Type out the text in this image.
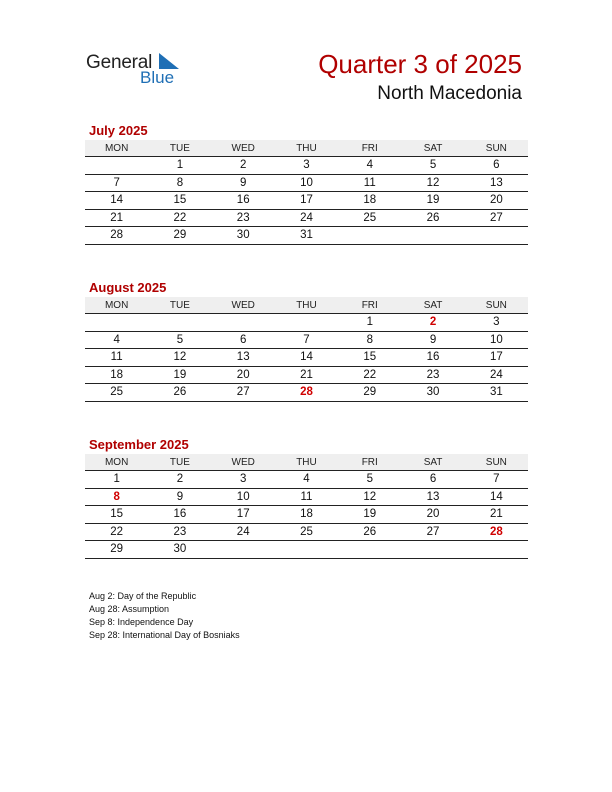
General
Blue	Quarter 3 of 2025
North Macedonia
July 2025
MON	TUE	WED	THU	FRI	SAT	SUN
	1	2	3	4	5	6
7	8	9	10	11	12	13
14	15	16	17	18	19	20
21	22	23	24	25	26	27
28	29	30	31			
August 2025
MON	TUE	WED	THU	FRI	SAT	SUN
				1	2	3
4	5	6	7	8	9	10
11	12	13	14	15	16	17
18	19	20	21	22	23	24
25	26	27	28	29	30	31
September 2025
MON	TUE	WED	THU	FRI	SAT	SUN
1	2	3	4	5	6	7
8	9	10	11	12	13	14
15	16	17	18	19	20	21
22	23	24	25	26	27	28
29	30					
Aug 2: Day of the Republic
Aug 28: Assumption
Sep 8: Independence Day
Sep 28: International Day of Bosniaks
